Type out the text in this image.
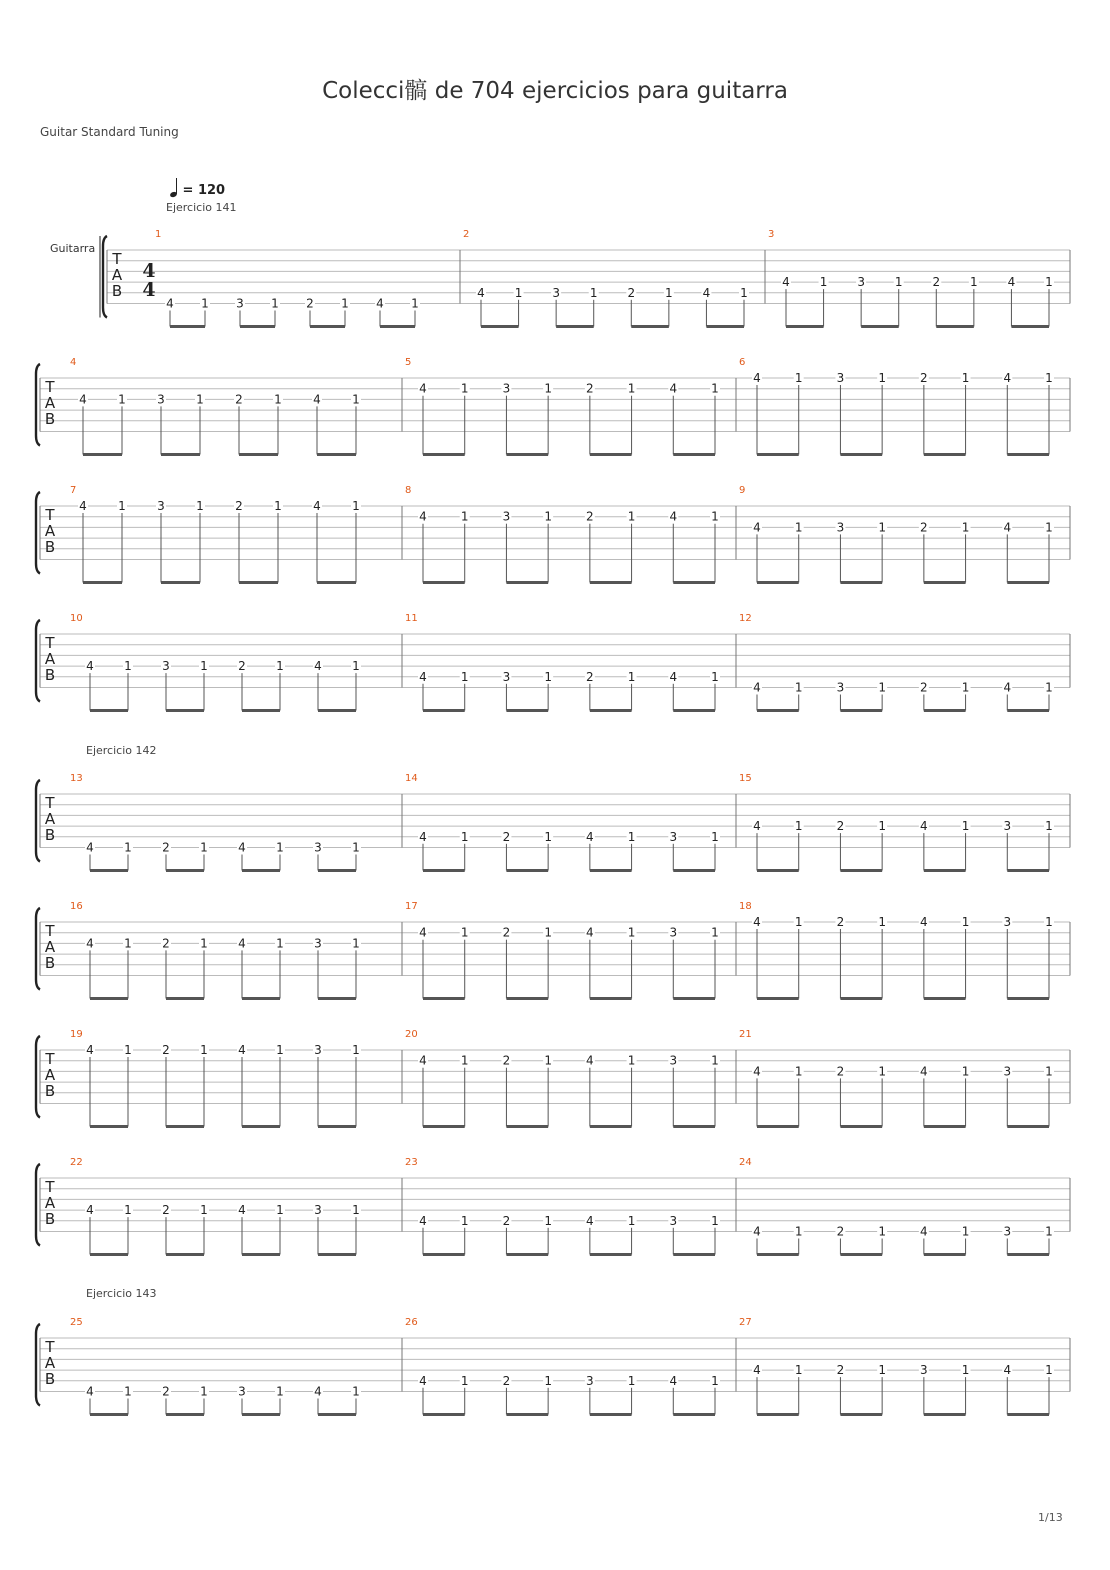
Colecci髇 de 704 ejercicios para guitarra
Guitar Standard Tuning
= 120
Ejercicio 141
Ejercicio 142
Ejercicio 143
Guitarra
T
A
B
4
4
1
4 1 3 1 2 1 4 1
2
4 1 3 1 2 1 4 1
3
4 1 3 1 2 1 4 1
T
A
B
4
4	1	3	1	2	1	4	1
5
4	1	3	1	2	1	4	1
6
4	1	3	1	2	1	4	1
T
A
B
7
4	1	3	1	2	1	4	1
8
4	1	3	1	2	1	4	1
9
4	1	3	1	2	1	4	1
T
A
B
10
4	1	3	1	2	1	4	1
11
4	1	3	1	2	1	4	1
12
4	1	3	1	2	1	4	1
T
A
B
13
4	1	2	1	4	1	3	1
14
4	1	2	1	4	1	3	1
15
4	1	2	1	4	1	3	1
T
A
B
16
4	1	2	1	4	1	3	1
17
4	1	2	1	4	1	3	1
18
4	1	2	1	4	1	3	1
T
A
B
19
4	1	2	1	4	1	3	1
20
4	1	2	1	4	1	3	1
21
4	1	2	1	4	1	3	1
T
A
B
22
4	1	2	1	4	1	3	1
23
4	1	2	1	4	1	3	1
24
4	1	2	1	4	1	3	1
T
A
B
25
4	1	2	1	3	1	4	1
26
4	1	2	1	3	1	4	1
27
4	1	2	1	3	1	4	1
1/13
